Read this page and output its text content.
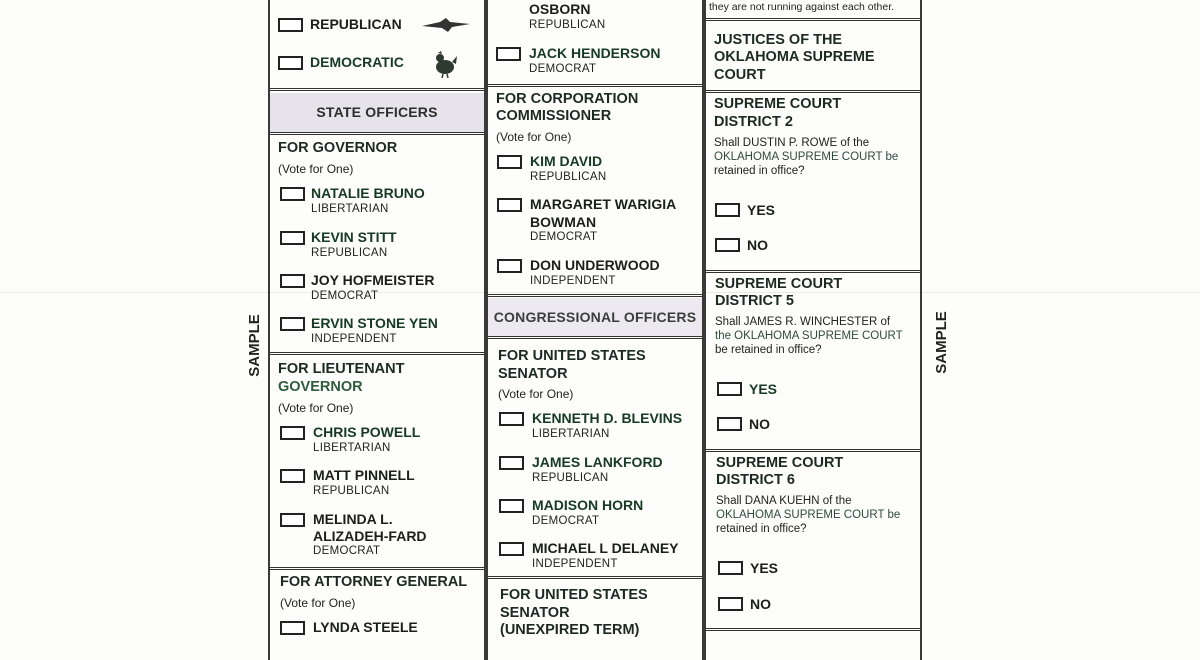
SAMPLE	SAMPLE
REPUBLICAN
DEMOCRATIC
STATE OFFICERS
FOR GOVERNOR
(Vote for One)
NATALIE BRUNO
LIBERTARIAN
KEVIN STITT
REPUBLICAN
JOY HOFMEISTER
DEMOCRAT
ERVIN STONE YEN
INDEPENDENT
FOR LIEUTENANT
GOVERNOR
(Vote for One)
CHRIS POWELL
LIBERTARIAN
MATT PINNELL
REPUBLICAN
MELINDA L.
ALIZADEH-FARD
DEMOCRAT
FOR ATTORNEY GENERAL
(Vote for One)
LYNDA STEELE
OSBORN
REPUBLICAN
JACK HENDERSON
DEMOCRAT
FOR CORPORATION
COMMISSIONER
(Vote for One)
KIM DAVID
REPUBLICAN
MARGARET WARIGIA
BOWMAN
DEMOCRAT
DON UNDERWOOD
INDEPENDENT
CONGRESSIONAL OFFICERS
FOR UNITED STATES
SENATOR
(Vote for One)
KENNETH D. BLEVINS
LIBERTARIAN
JAMES LANKFORD
REPUBLICAN
MADISON HORN
DEMOCRAT
MICHAEL L DELANEY
INDEPENDENT
FOR UNITED STATES
SENATOR
(UNEXPIRED TERM)
they are not running against each other.
JUSTICES OF THE
OKLAHOMA SUPREME
COURT
SUPREME COURT
DISTRICT 2
Shall DUSTIN P. ROWE of the
OKLAHOMA SUPREME COURT be
retained in office?
YES
NO
SUPREME COURT
DISTRICT 5
Shall JAMES R. WINCHESTER of
the OKLAHOMA SUPREME COURT
be retained in office?
YES
NO
SUPREME COURT
DISTRICT 6
Shall DANA KUEHN of the
OKLAHOMA SUPREME COURT be
retained in office?
YES
NO
